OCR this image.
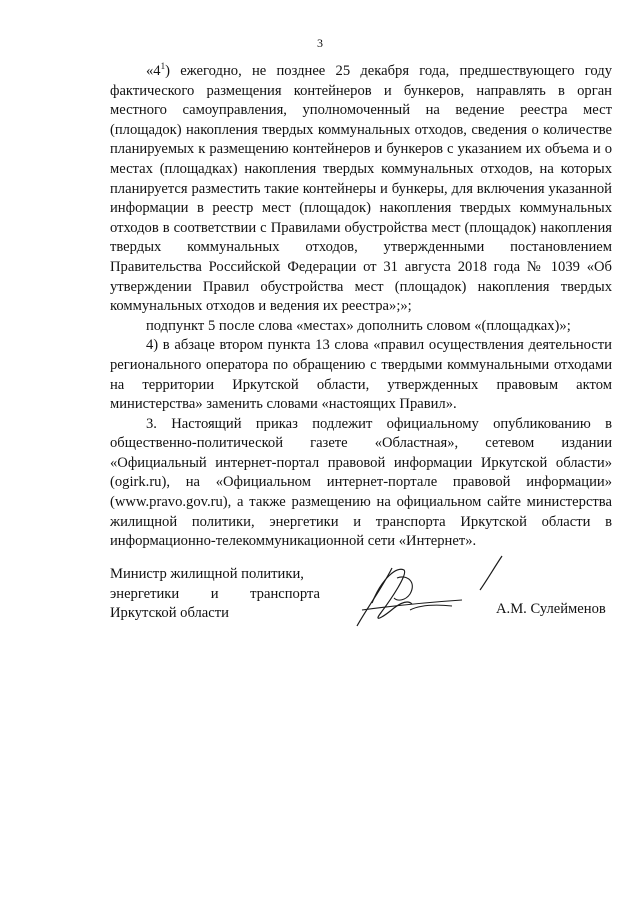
3

«$4^1$) ежегодно, не позднее 25 декабря года, предшествующего году фактического размещения контейнеров и бункеров, направлять в орган местного самоуправления, уполномоченный на ведение реестра мест (площадок) накопления твердых коммунальных отходов, сведения о количестве планируемых к размещению контейнеров и бункеров с указанием их объема и о местах (площадках) накопления твердых коммунальных отходов, на которых планируется разместить такие контейнеры и бункеры, для включения указанной информации в реестр мест (площадок) накопления твердых коммунальных отходов в соответствии с Правилами обустройства мест (площадок) накопления твердых коммунальных отходов, утвержденными постановлением Правительства Российской Федерации от 31 августа 2018 года № 1039 «Об утверждении Правил обустройства мест (площадок) накопления твердых коммунальных отходов и ведения их реестра»;»;

подпункт 5 после слова «местах» дополнить словом «(площадках)»;

4) в абзаце втором пункта 13 слова «правил осуществления деятельности регионального оператора по обращению с твердыми коммунальными отходами на территории Иркутской области, утвержденных правовым актом министерства» заменить словами «настоящих Правил».

3. Настоящий приказ подлежит официальному опубликованию в общественно-политической газете «Областная», сетевом издании «Официальный интернет-портал правовой информации Иркутской области» (ogirk.ru), на «Официальном интернет-портале правовой информации» (www.pravo.gov.ru), а также размещению на официальном сайте министерства жилищной политики, энергетики и транспорта Иркутской области в информационно-телекоммуникационной сети «Интернет».

Министр жилищной политики,
энергетики и транспорта
Иркутской области	А.М. Сулейменов
